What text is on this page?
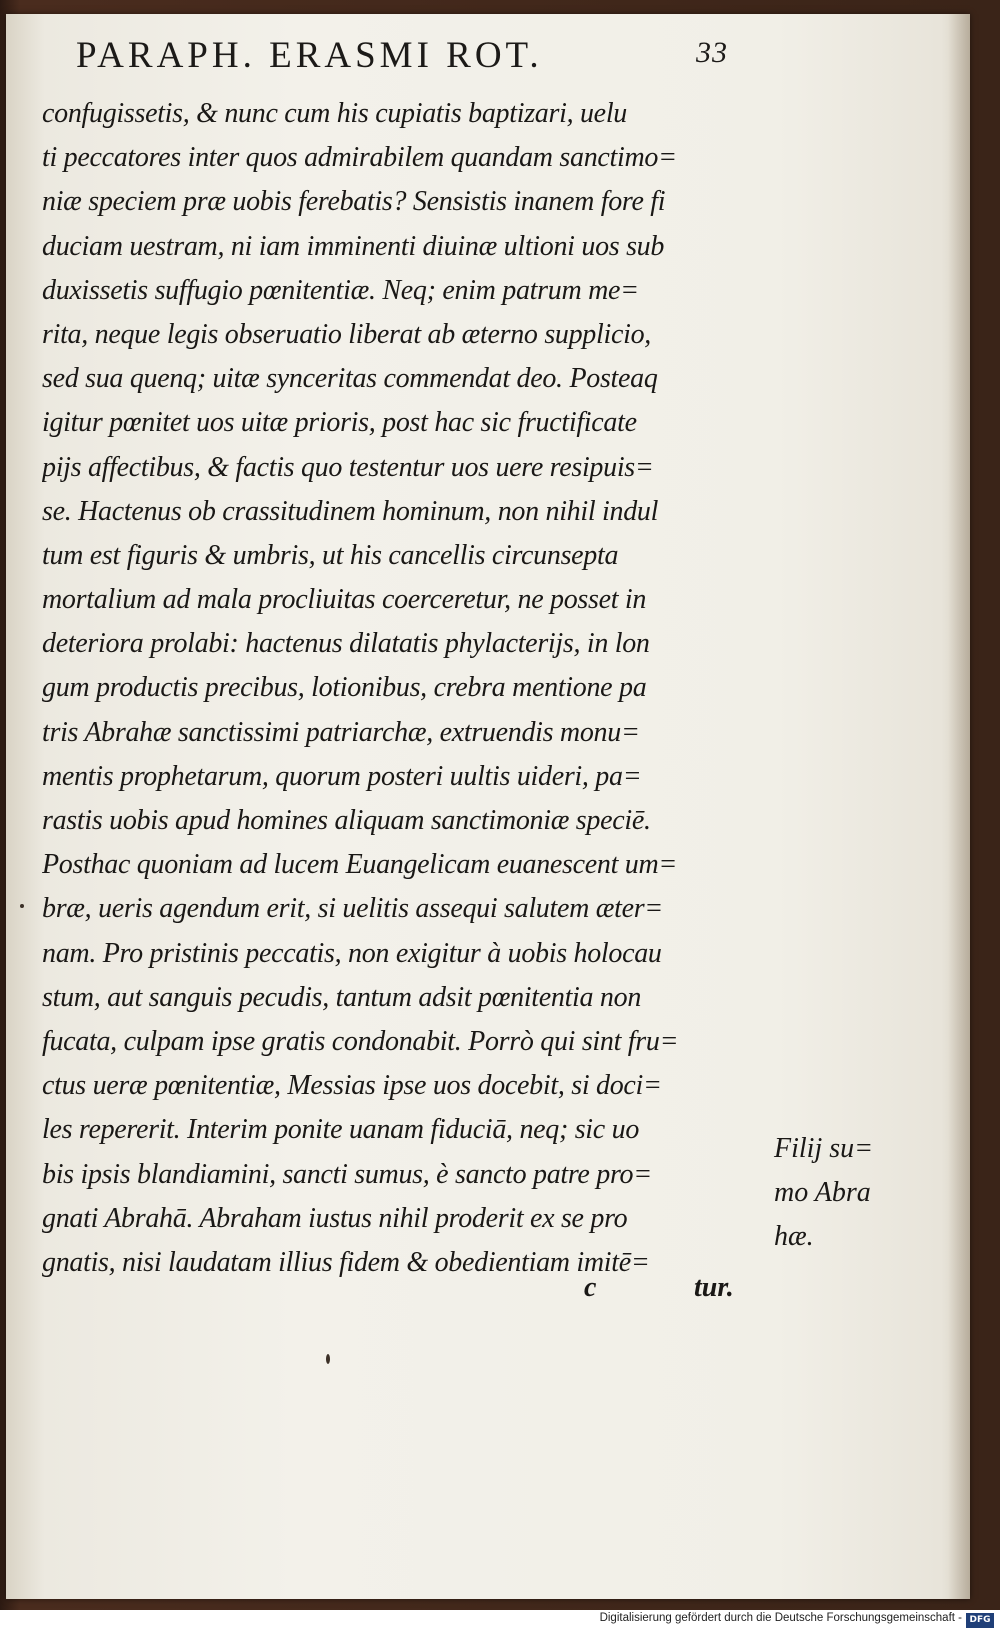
PARAPH. ERASMI ROT.	33
confugissetis, & nunc cum his cupiatis baptizari, uelu
ti peccatores inter quos admirabilem quandam sanctimo=
niæ speciem præ uobis ferebatis? Sensistis inanem fore fi
duciam uestram, ni iam imminenti diuinæ ultioni uos sub
duxissetis suffugio pœnitentiæ. Neq; enim patrum me=
rita, neque legis obseruatio liberat ab æterno supplicio,
sed sua quenq; uitæ synceritas commendat deo. Posteaq
igitur pœnitet uos uitæ prioris, post hac sic fructificate
pijs affectibus, & factis quo testentur uos uere resipuis=
se. Hactenus ob crassitudinem hominum, non nihil indul
tum est figuris & umbris, ut his cancellis circunsepta
mortalium ad mala procliuitas coerceretur, ne posset in
deteriora prolabi: hactenus dilatatis phylacterijs, in lon
gum productis precibus, lotionibus, crebra mentione pa
tris Abrahæ sanctissimi patriarchæ, extruendis monu=
mentis prophetarum, quorum posteri uultis uideri, pa=
rastis uobis apud homines aliquam sanctimoniæ speciē.
Posthac quoniam ad lucem Euangelicam euanescent um=
bræ, ueris agendum erit, si uelitis assequi salutem æter=
nam. Pro pristinis peccatis, non exigitur à uobis holocau
stum, aut sanguis pecudis, tantum adsit pœnitentia non
fucata, culpam ipse gratis condonabit. Porrò qui sint fru=
ctus ueræ pœnitentiæ, Messias ipse uos docebit, si doci=
les repererit. Interim ponite uanam fiduciā, neq; sic uo
bis ipsis blandiamini, sancti sumus, è sancto patre pro=
gnati Abrahā. Abraham iustus nihil proderit ex se pro
gnatis, nisi laudatam illius fidem & obedientiam imitē=
Filij su=
mo Abra
hæ.
c	tur.
Digitalisierung gefördert durch die Deutsche Forschungsgemeinschaft - DFG
